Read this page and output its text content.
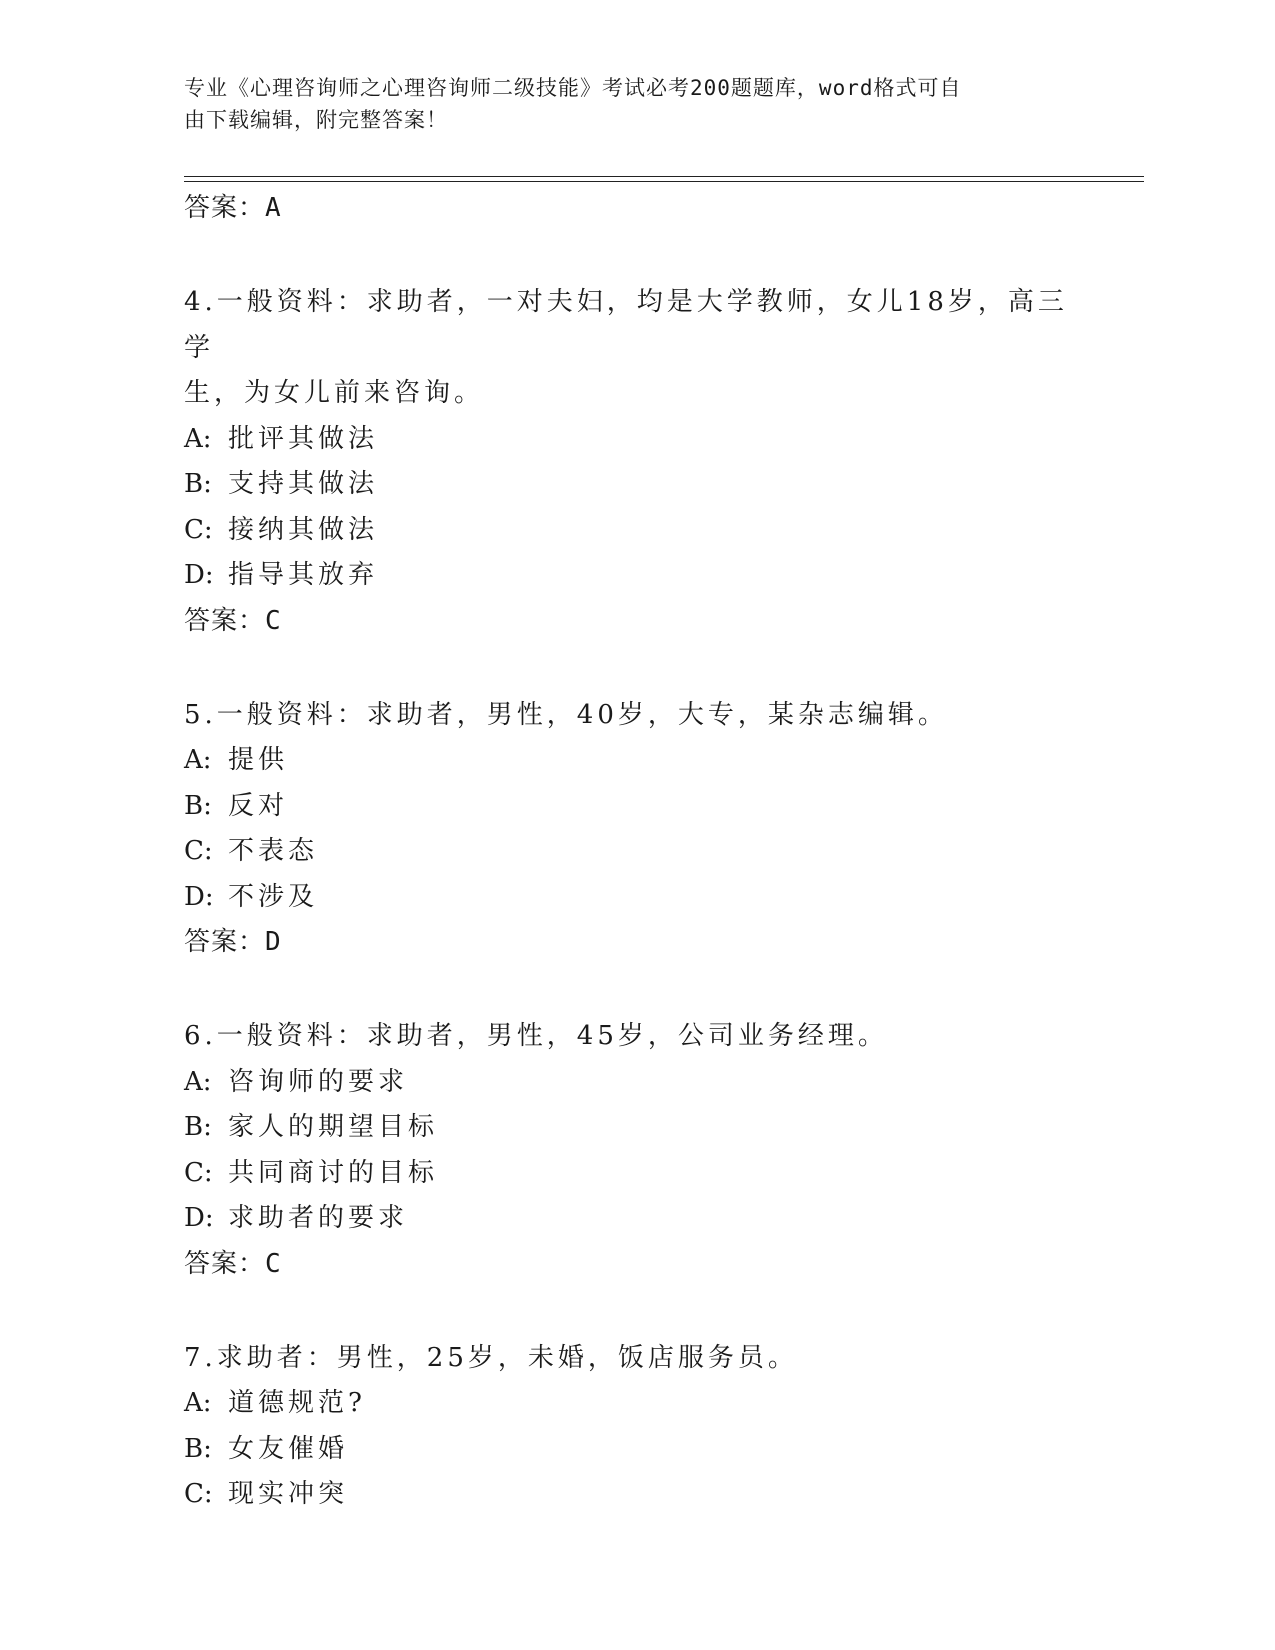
专业《心理咨询师之心理咨询师二级技能》考试必考200题题库，word格式可自
由下载编辑，附完整答案！

答案：A

4.一般资料：求助者，一对夫妇，均是大学教师，女儿18岁，高三学

生，为女儿前来咨询。

A: 批评其做法

B: 支持其做法

C: 接纳其做法

D: 指导其放弃

答案：C

5.一般资料：求助者，男性，40岁，大专，某杂志编辑。

A: 提供

B: 反对

C: 不表态

D: 不涉及

答案：D

6.一般资料：求助者，男性，45岁，公司业务经理。

A: 咨询师的要求

B: 家人的期望目标

C: 共同商讨的目标

D: 求助者的要求

答案：C

7.求助者：男性，25岁，未婚，饭店服务员。

A: 道德规范?

B: 女友催婚

C: 现实冲突
